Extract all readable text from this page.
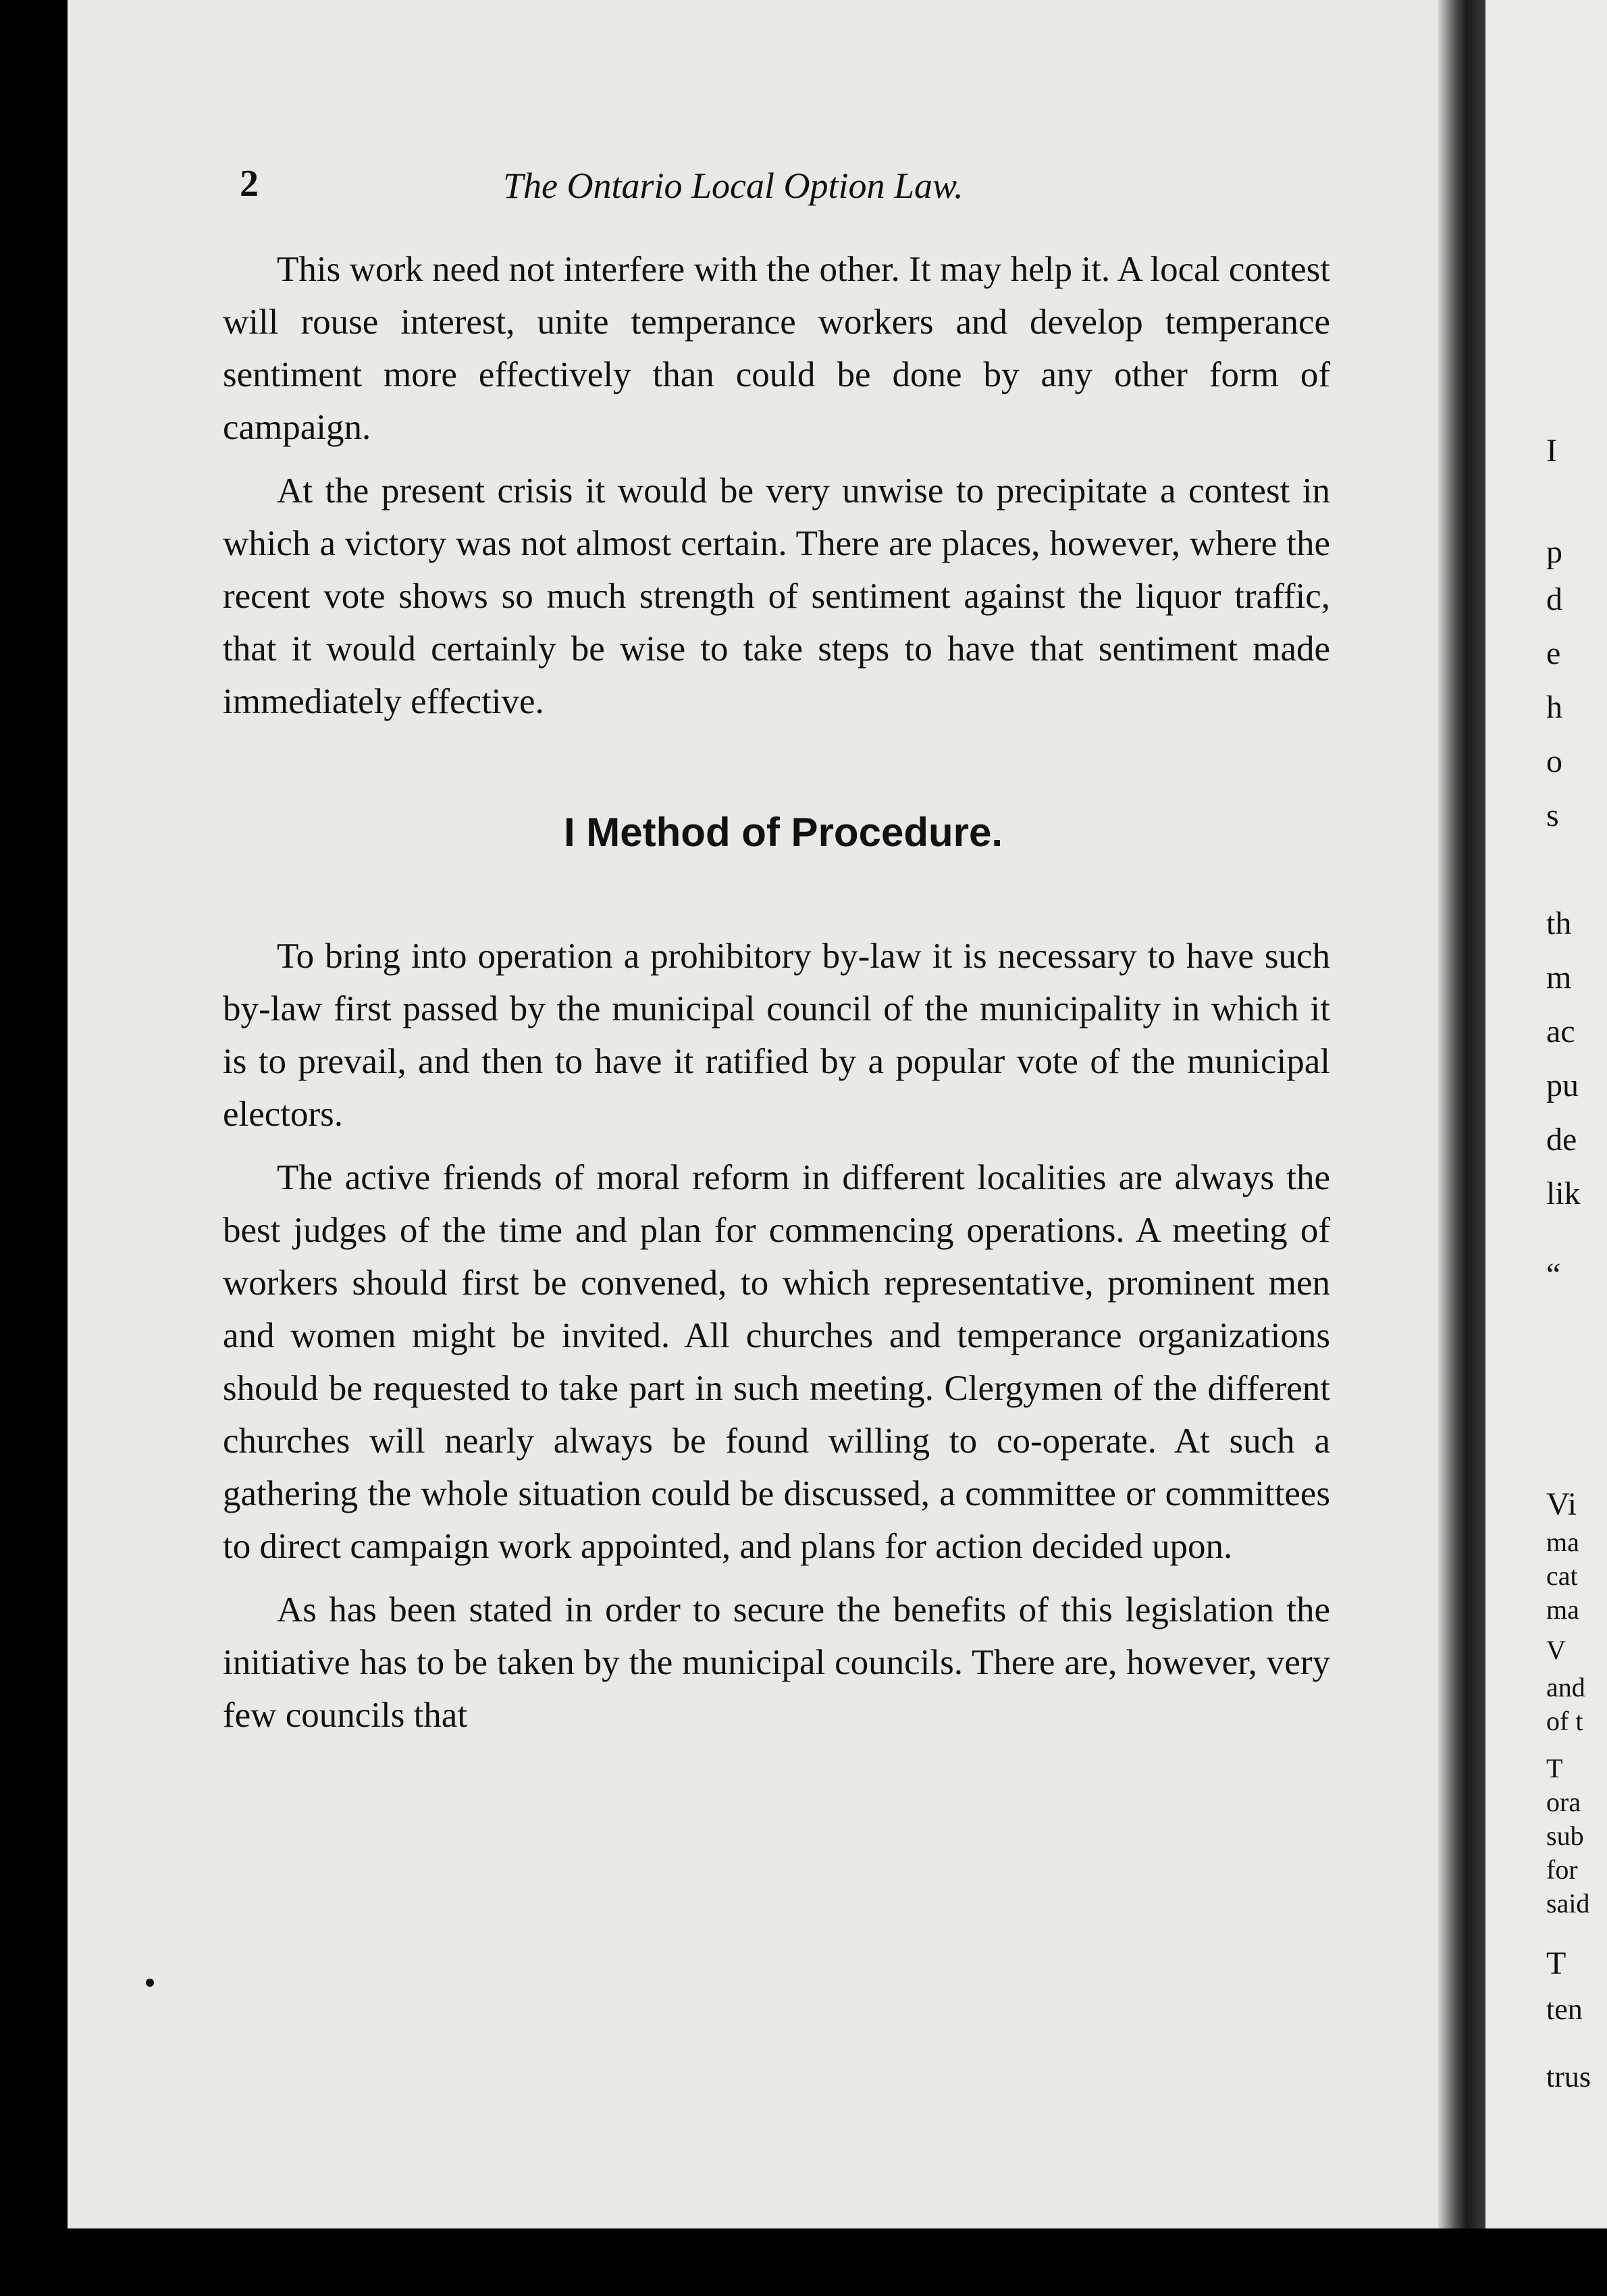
2	The Ontario Local Option Law.

This work need not interfere with the other. It may help it. A local contest will rouse interest, unite temperance workers and develop temperance sentiment more effectively than could be done by any other form of campaign.

At the present crisis it would be very unwise to precipitate a contest in which a victory was not almost certain. There are places, however, where the recent vote shows so much strength of sentiment against the liquor traffic, that it would certainly be wise to take steps to have that sentiment made immediately effective.

I Method of Procedure.

To bring into operation a prohibitory by-law it is necessary to have such by-law first passed by the municipal council of the municipality in which it is to prevail, and then to have it ratified by a popular vote of the municipal electors.

The active friends of moral reform in different localities are always the best judges of the time and plan for commencing operations. A meeting of workers should first be convened, to which representative, prominent men and women might be invited. All churches and temperance organizations should be requested to take part in such meeting. Clergymen of the different churches will nearly always be found willing to co-operate. At such a gathering the whole situation could be discussed, a committee or committees to direct campaign work appointed, and plans for action decided upon.

As has been stated in order to secure the benefits of this legislation the initiative has to be taken by the municipal councils. There are, however, very few councils that

I
p
d
e
h
o
s
th
m
ac
pu
de
lik
“
Vi
ma
cat
ma
V
and
of t
T
ora
sub
for
said
T
ten
trus
